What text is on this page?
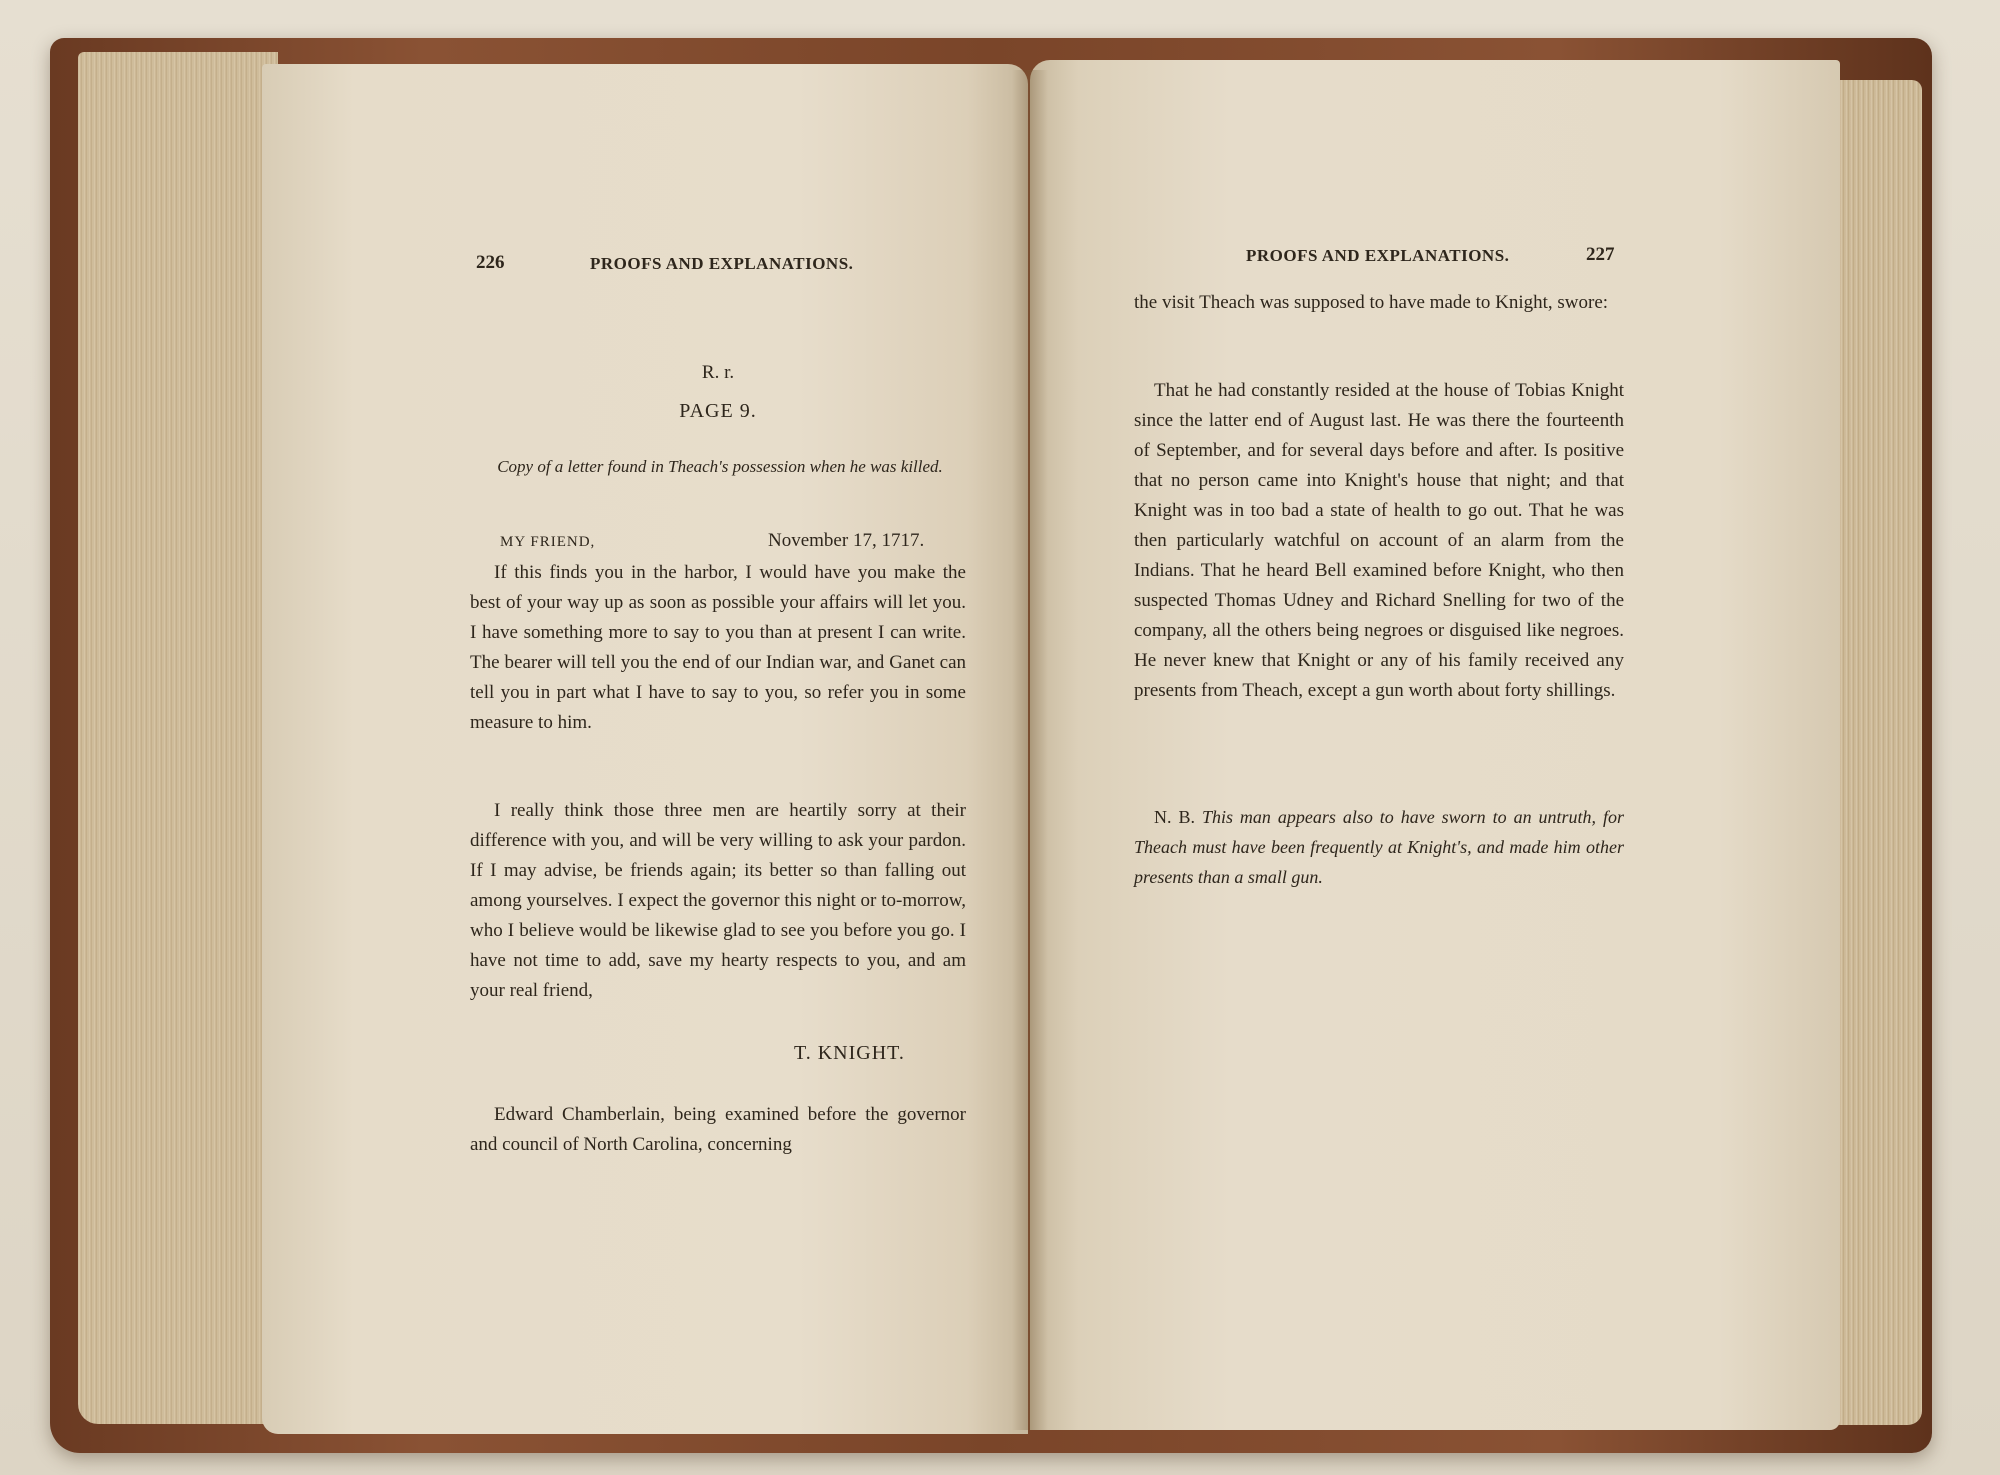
226	PROOFS AND EXPLANATIONS.
R. r.
PAGE 9.
Copy of a letter found in Theach's possession when he was killed.
MY FRIEND,	November 17, 1717.
If this finds you in the harbor, I would have you make the best of your way up as soon as possible your affairs will let you. I have something more to say to you than at present I can write. The bearer will tell you the end of our Indian war, and Ganet can tell you in part what I have to say to you, so refer you in some measure to him.
I really think those three men are heartily sorry at their difference with you, and will be very willing to ask your pardon. If I may advise, be friends again; its better so than falling out among yourselves. I expect the governor this night or to-morrow, who I believe would be likewise glad to see you before you go. I have not time to add, save my hearty respects to you, and am your real friend,
T. KNIGHT.
Edward Chamberlain, being examined before the governor and council of North Carolina, concerning
PROOFS AND EXPLANATIONS.	227
the visit Theach was supposed to have made to Knight, swore:
That he had constantly resided at the house of Tobias Knight since the latter end of August last. He was there the fourteenth of September, and for several days before and after. Is positive that no person came into Knight's house that night; and that Knight was in too bad a state of health to go out. That he was then particularly watchful on account of an alarm from the Indians. That he heard Bell examined before Knight, who then suspected Thomas Udney and Richard Snelling for two of the company, all the others being negroes or disguised like negroes. He never knew that Knight or any of his family received any presents from Theach, except a gun worth about forty shillings.
N. B. This man appears also to have sworn to an untruth, for Theach must have been frequently at Knight's, and made him other presents than a small gun.
